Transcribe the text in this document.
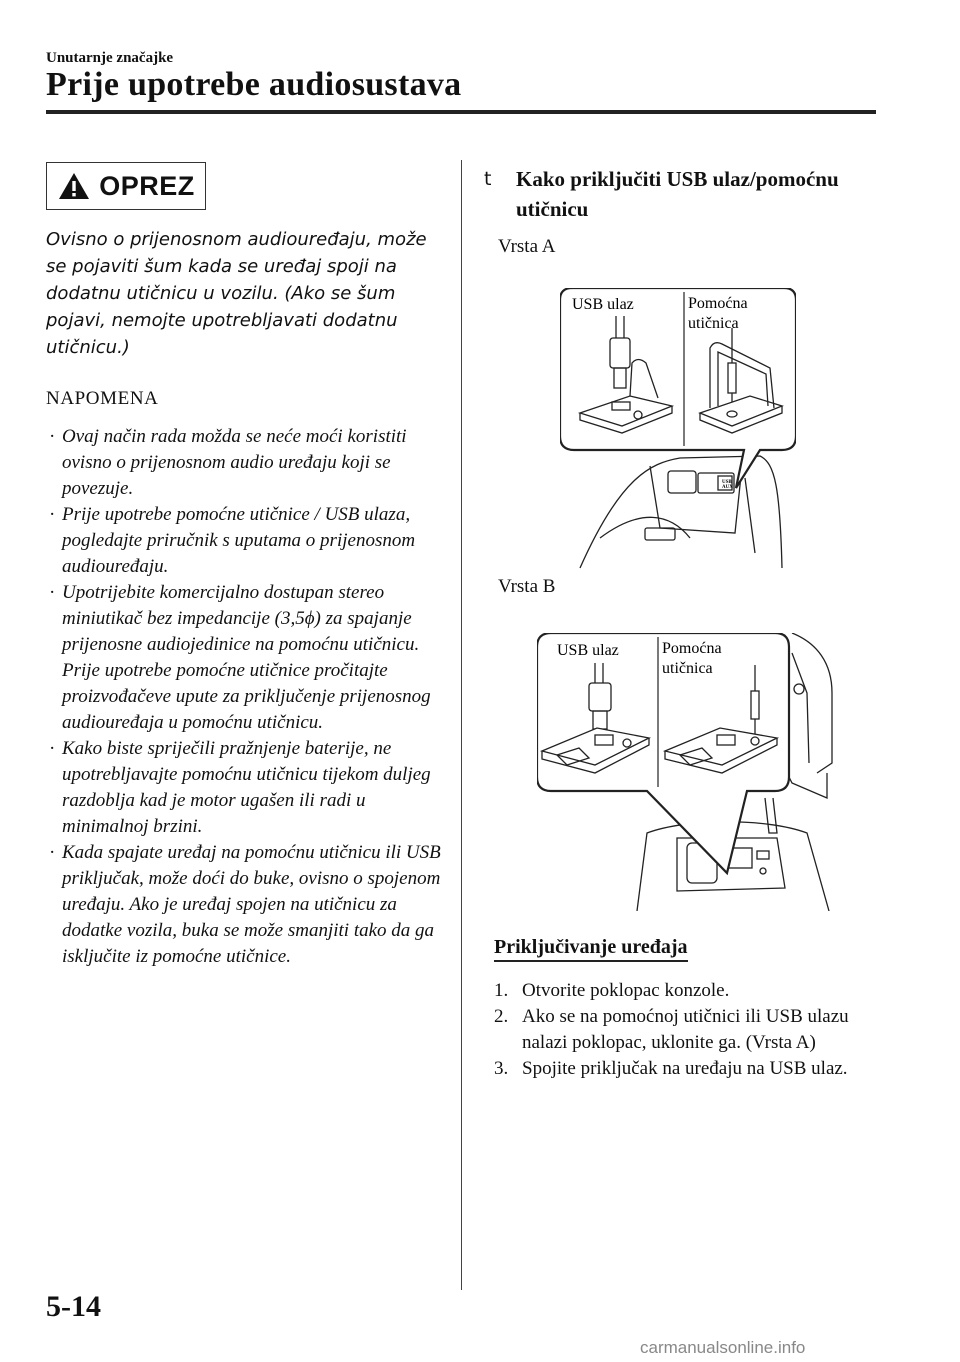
Unutarnje značajke
Prije upotrebe audiosustava
OPREZ
Ovisno o prijenosnom audiouređaju, može se pojaviti šum kada se uređaj spoji na dodatnu utičnicu u vozilu. (Ako se šum pojavi, nemojte upotrebljavati dodatnu utičnicu.)
NAPOMENA
· Ovaj način rada možda se neće moći koristiti ovisno o prijenosnom audio uređaju koji se povezuje.
· Prije upotrebe pomoćne utičnice / USB ulaza, pogledajte priručnik s uputama o prijenosnom audiouređaju.
· Upotrijebite komercijalno dostupan stereo miniutikač bez impedancije (3,5ϕ) za spajanje prijenosne audiojedinice na pomoćnu utičnicu. Prije upotrebe pomoćne utičnice pročitajte proizvođačeve upute za priključenje prijenosnog audiouređaja u pomoćnu utičnicu.
· Kako biste spriječili pražnjenje baterije, ne upotrebljavajte pomoćnu utičnicu tijekom duljeg razdoblja kad je motor ugašen ili radi u minimalnoj brzini.
· Kada spajate uređaj na pomoćnu utičnicu ili USB priključak, može doći do buke, ovisno o spojenom uređaju. Ako je uređaj spojen na utičnicu za dodatke vozila, buka se može smanjiti tako da ga isključite iz pomoćne utičnice.
t	Kako priključiti USB ulaz/pomoćnu utičnicu
Vrsta A
USB
AUX
USB ulaz	Pomoćna
utičnica
Vrsta B
USB ulaz	Pomoćna
utičnica
Priključivanje uređaja
1. Otvorite poklopac konzole.
2. Ako se na pomoćnoj utičnici ili USB ulazu nalazi poklopac, uklonite ga. (Vrsta A)
3. Spojite priključak na uređaju na USB ulaz.
5-14
carmanualsonline.info
